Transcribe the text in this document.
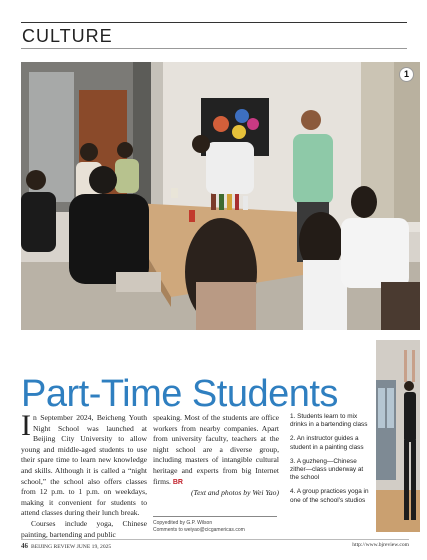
CULTURE
1
Part-Time Students

In September 2024, Beicheng Youth Night School was launched at Beijing City University to allow young and middle-aged students to use their spare time to learn new knowledge and skills. Although it is called a “night school,” the school also offers classes from 12 p.m. to 1 p.m. on weekdays, making it convenient for students to attend classes during their lunch break.

Courses include yoga, Chinese painting, bartending and public

speaking. Most of the students are office workers from nearby companies. Apart from university faculty, teachers at the night school are a diverse group, including masters of intangible cultural heritage and experts from big Internet firms. BR

(Text and photos by Wei Yao)

Copyedited by G.P. Wilson
Comments to weiyao@cicgamericas.com

1. Students learn to mix drinks in a bartending class

2. An instructor guides a student in a painting class

3. A guzheng—Chinese zither—class underway at the school

4. A group practices yoga in one of the school’s studios

46 BEIJING REVIEW JUNE 19, 2025	http://www.bjreview.com
